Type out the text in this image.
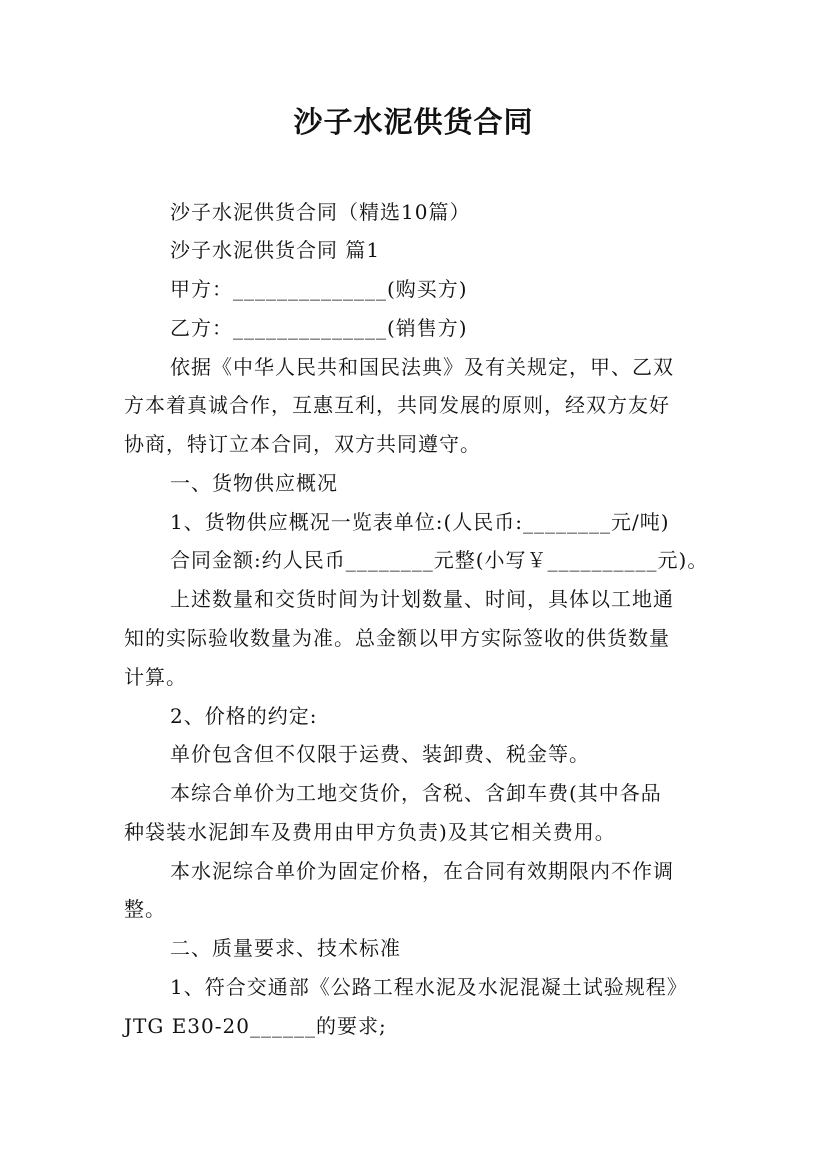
沙子水泥供货合同
沙子水泥供货合同（精选10篇）
沙子水泥供货合同 篇1
甲方：______________(购买方)
乙方：______________(销售方)
依据《中华人民共和国民法典》及有关规定，甲、乙双
方本着真诚合作，互惠互利，共同发展的原则，经双方友好
协商，特订立本合同，双方共同遵守。
一、货物供应概况
1、货物供应概况一览表单位:(人民币:________元/吨)
合同金额:约人民币________元整(小写￥__________元)。
上述数量和交货时间为计划数量、时间，具体以工地通
知的实际验收数量为准。总金额以甲方实际签收的供货数量
计算。
2、价格的约定:
单价包含但不仅限于运费、装卸费、税金等。
本综合单价为工地交货价，含税、含卸车费(其中各品
种袋装水泥卸车及费用由甲方负责)及其它相关费用。
本水泥综合单价为固定价格，在合同有效期限内不作调
整。
二、质量要求、技术标准
1、符合交通部《公路工程水泥及水泥混凝土试验规程》
JTG E30-20______的要求;
